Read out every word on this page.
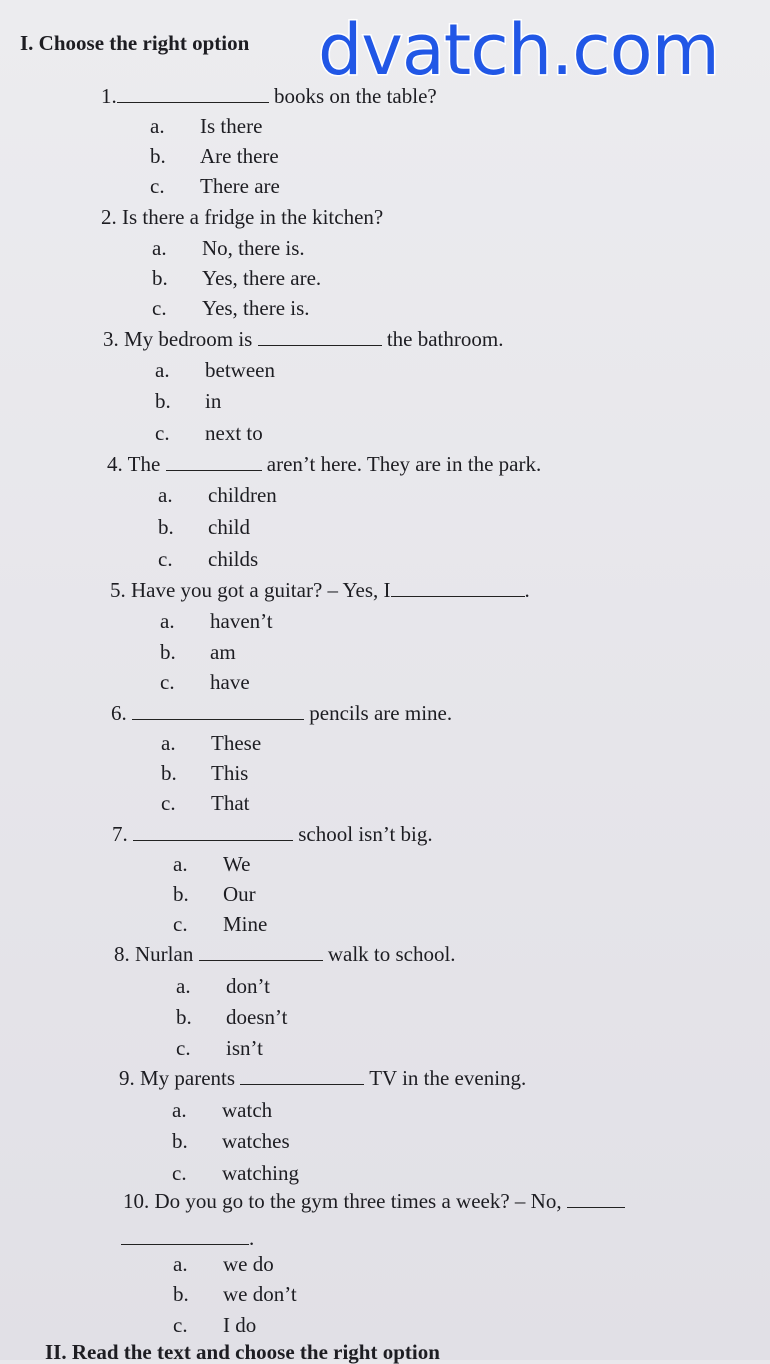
I. Choose the right option dvatch.com
1.	books on the table?
a. Is there
b. Are there
c. There are
2. Is there a fridge in the kitchen?
a. No, there is.
b. Yes, there are.
c. Yes, there is.
3. My bedroom is	the bathroom.
a. between
b. in
c. next to
4. The	aren’t here. They are in the park.
a. children
b. child
c. childs
5. Have you got a guitar? – Yes, I	.
a. haven’t
b. am
c. have
6.	pencils are mine.
a. These
b. This
c. That
7.	school isn’t big.
a. We
b. Our
c. Mine
8. Nurlan	walk to school.
a. don’t
b. doesn’t
c. isn’t
9. My parents	TV in the evening.
a. watch
b. watches
c. watching
10. Do you go to the gym three times a week? – No,
.
a. we do
b. we don’t
c. I do
II. Read the text and choose the right option
